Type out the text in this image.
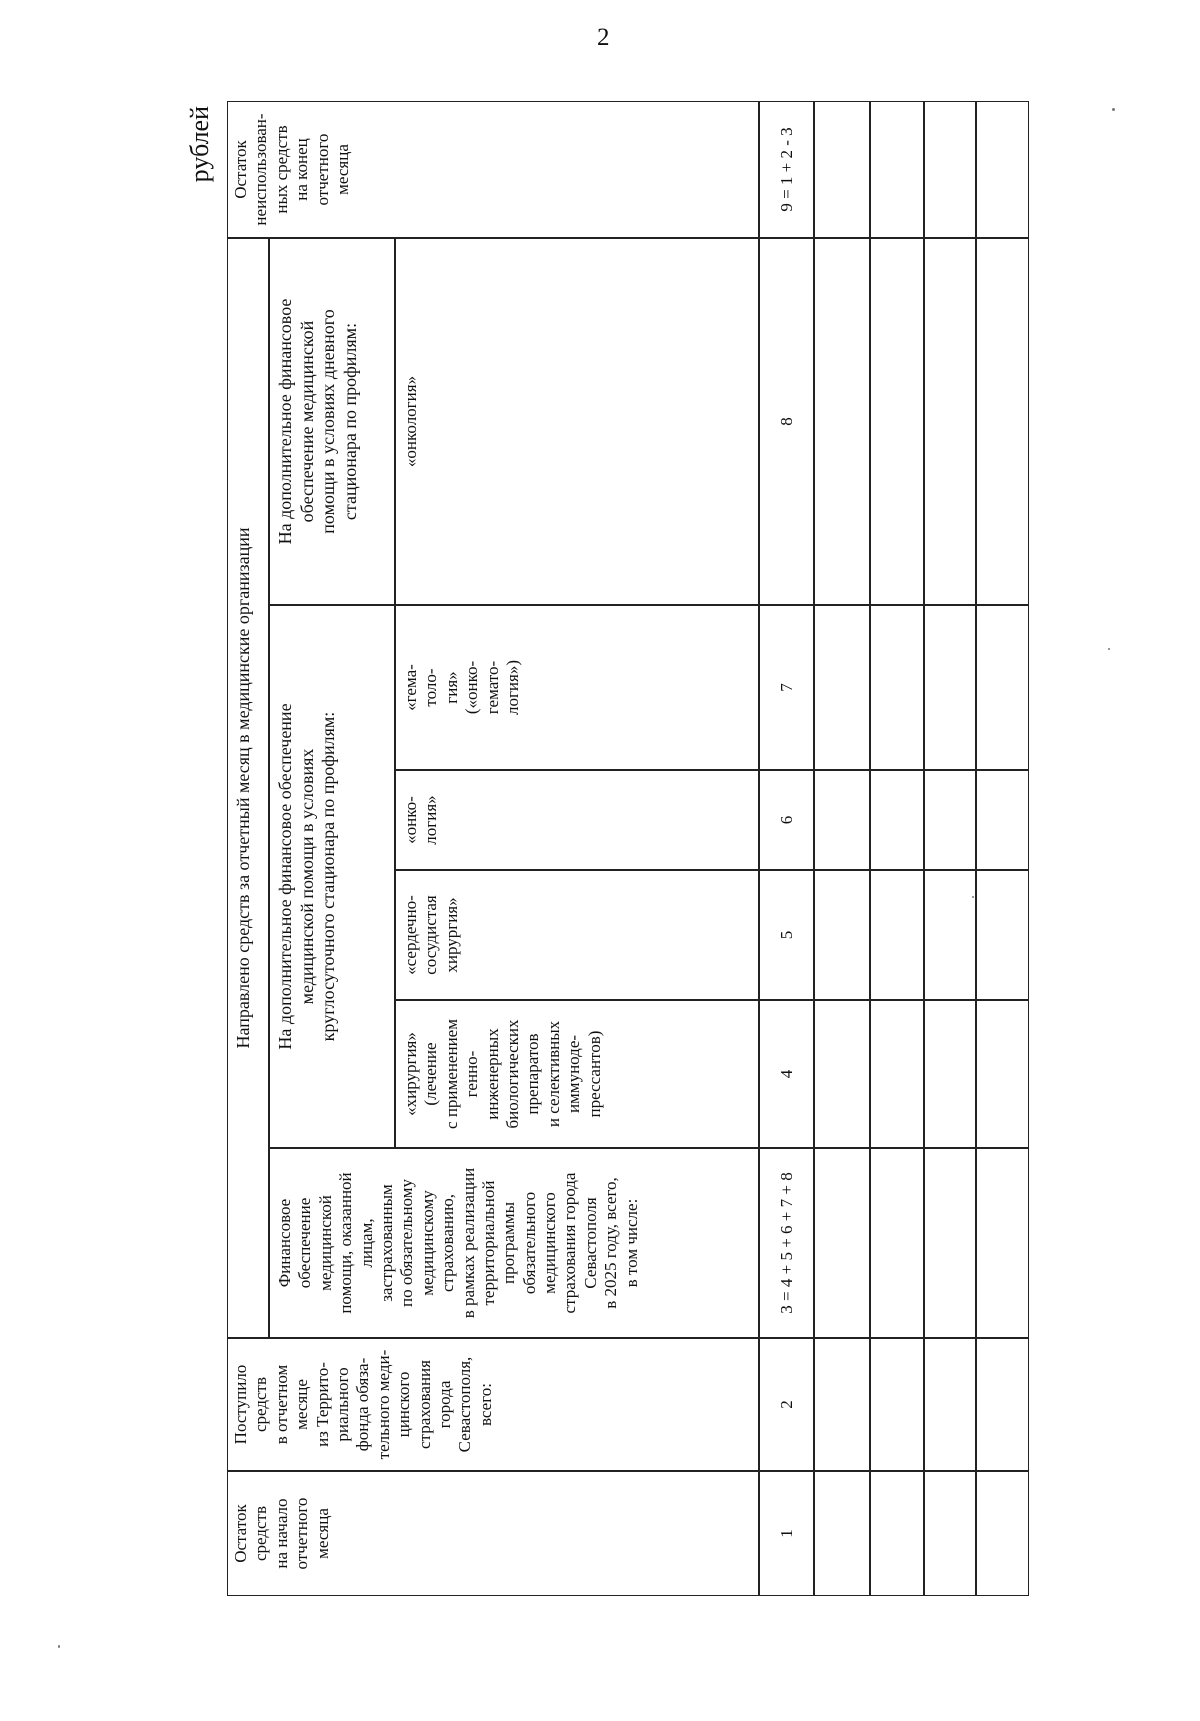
2
рублей
Остаток
средств
на начало
отчетного
месяца
Поступило
средств
в отчетном
месяце
из Террито-
риального
фонда обяза-
тельного меди-
цинского
страхования
города
Севастополя,
всего:
Направлено средств за отчетный месяц в медицинские организации
Финансовое
обеспечение
медицинской
помощи, оказанной
лицам,
застрахованным
по обязательному
медицинскому
страхованию,
в рамках реализации
территориальной
программы
обязательного
медицинского
страхования города
Севастополя
в 2025 году, всего,
в том числе:
На дополнительное финансовое обеспечение
медицинской помощи в условиях
круглосуточного стационара по профилям:
«хирургия»
(лечение
с применением
генно-
инженерных
биологических
препаратов
и селективных
иммуноде-
прессантов)
«сердечно-
сосудистая
хирургия»
«онко-
логия»
«гема-
толо-
гия»
(«онко-
гемато-
логия»)
На дополнительное финансовое
обеспечение медицинской
помощи в условиях дневного
стационара по профилям:
«онкология»
Остаток
неиспользован-
ных средств
на конец
отчетного
месяца
1
2
3 = 4 + 5 + 6 + 7 + 8
4
5
6
7
8
9 = 1 + 2 - 3
